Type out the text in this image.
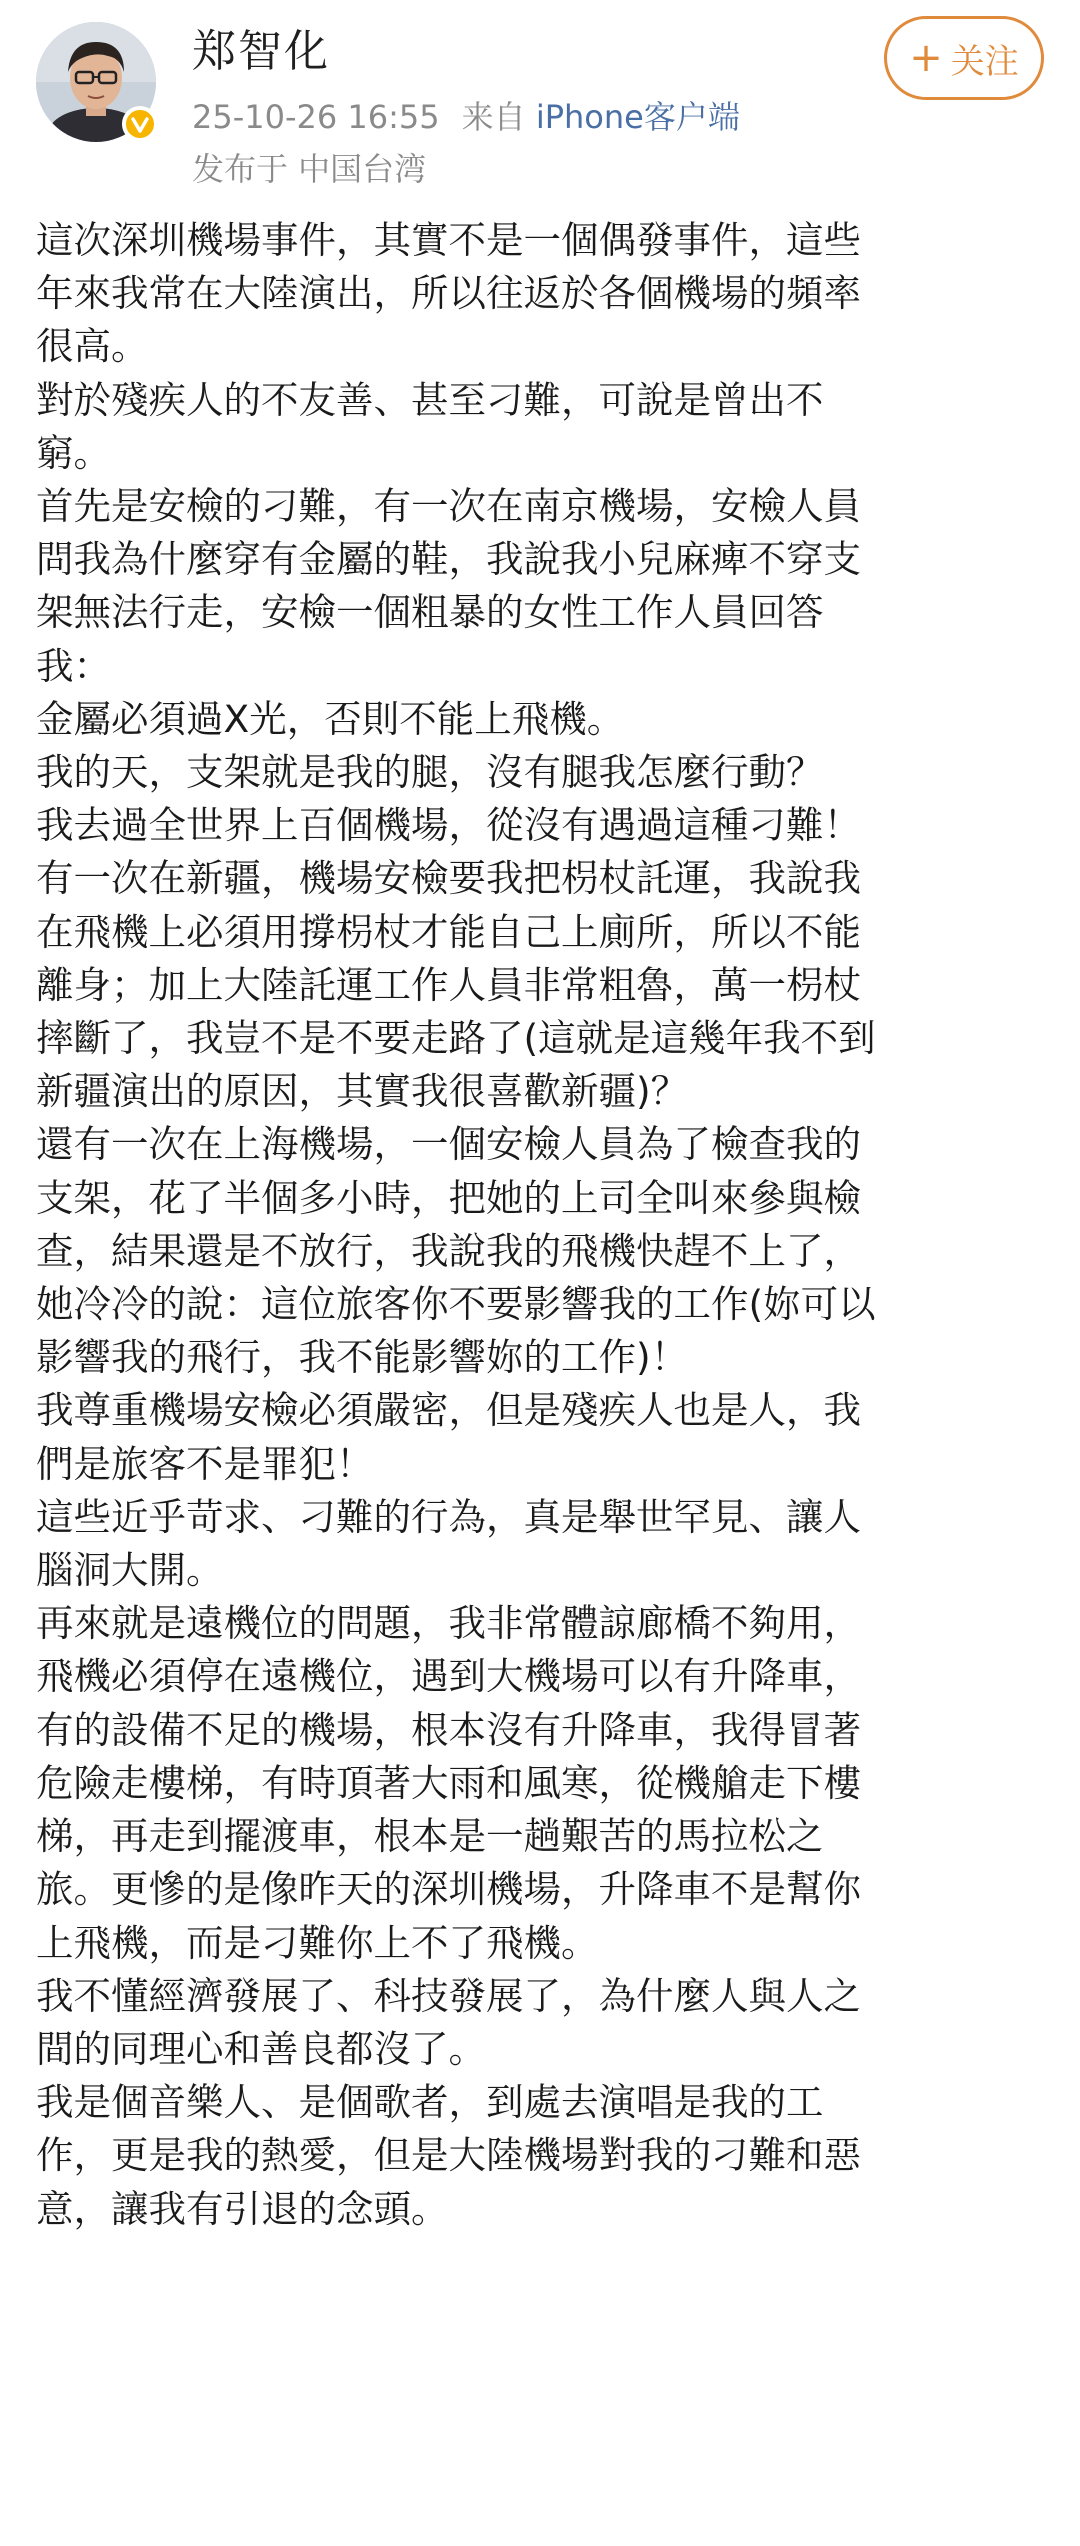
郑智化
25-10-26 16:55 来自 iPhone客户端
发布于 中国台湾
+ 关注

這次深圳機場事件，其實不是一個偶發事件，這些
年來我常在大陸演出，所以往返於各個機場的頻率
很高。

對於殘疾人的不友善、甚至刁難，可說是曾出不
窮。

首先是安檢的刁難，有一次在南京機場，安檢人員
問我為什麼穿有金屬的鞋，我說我小兒麻痺不穿支
架無法行走，安檢一個粗暴的女性工作人員回答
我：

金屬必須過X光，否則不能上飛機。

我的天，支架就是我的腿，沒有腿我怎麼行動？

我去過全世界上百個機場，從沒有遇過這種刁難！

有一次在新疆，機場安檢要我把枴杖託運，我說我
在飛機上必須用撐枴杖才能自己上廁所，所以不能
離身；加上大陸託運工作人員非常粗魯，萬一枴杖
摔斷了，我豈不是不要走路了(這就是這幾年我不到
新疆演出的原因，其實我很喜歡新疆)？

還有一次在上海機場，一個安檢人員為了檢查我的
支架，花了半個多小時，把她的上司全叫來參與檢
查，結果還是不放行，我說我的飛機快趕不上了，
她冷冷的說：這位旅客你不要影響我的工作(妳可以
影響我的飛行，我不能影響妳的工作)！

我尊重機場安檢必須嚴密，但是殘疾人也是人，我
們是旅客不是罪犯！

這些近乎苛求、刁難的行為，真是舉世罕見、讓人
腦洞大開。

再來就是遠機位的問題，我非常體諒廊橋不夠用，
飛機必須停在遠機位，遇到大機場可以有升降車，
有的設備不足的機場，根本沒有升降車，我得冒著
危險走樓梯，有時頂著大雨和風寒，從機艙走下樓
梯，再走到擺渡車，根本是一趟艱苦的馬拉松之
旅。更慘的是像昨天的深圳機場，升降車不是幫你
上飛機，而是刁難你上不了飛機。

我不懂經濟發展了、科技發展了，為什麼人與人之
間的同理心和善良都沒了。

我是個音樂人、是個歌者，到處去演唱是我的工
作，更是我的熱愛，但是大陸機場對我的刁難和惡
意，讓我有引退的念頭。
